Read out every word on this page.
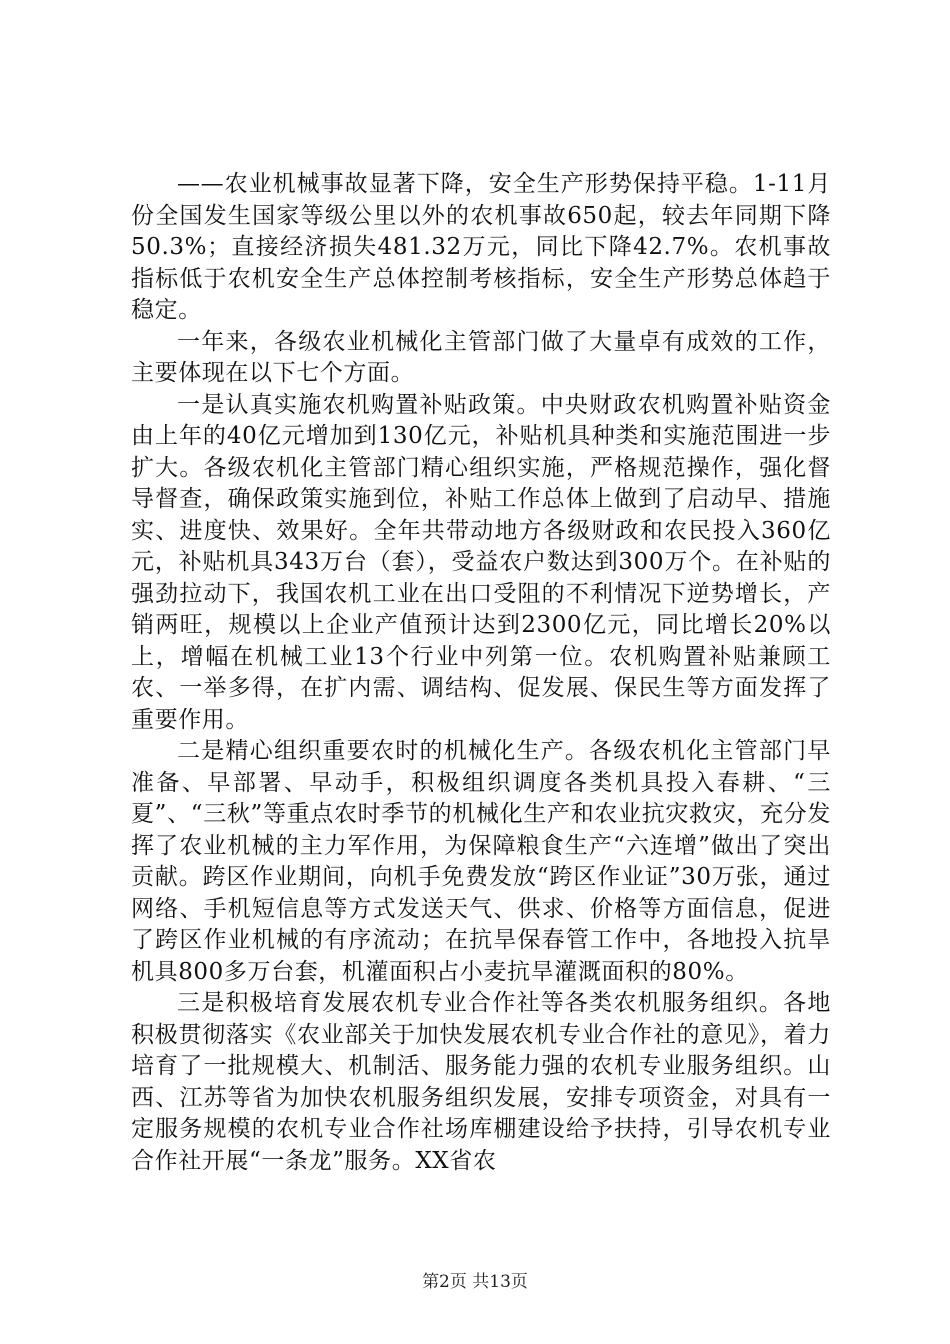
——农业机械事故显著下降，安全生产形势保持平稳。1-11月份全国发生国家等级公里以外的农机事故650起，较去年同期下降50.3%；直接经济损失481.32万元，同比下降42.7%。农机事故指标低于农机安全生产总体控制考核指标，安全生产形势总体趋于稳定。

一年来，各级农业机械化主管部门做了大量卓有成效的工作，主要体现在以下七个方面。

一是认真实施农机购置补贴政策。中央财政农机购置补贴资金由上年的40亿元增加到130亿元，补贴机具种类和实施范围进一步扩大。各级农机化主管部门精心组织实施，严格规范操作，强化督导督查，确保政策实施到位，补贴工作总体上做到了启动早、措施实、进度快、效果好。全年共带动地方各级财政和农民投入360亿元，补贴机具343万台（套），受益农户数达到300万个。在补贴的强劲拉动下，我国农机工业在出口受阻的不利情况下逆势增长，产销两旺，规模以上企业产值预计达到2300亿元，同比增长20%以上，增幅在机械工业13个行业中列第一位。农机购置补贴兼顾工农、一举多得，在扩内需、调结构、促发展、保民生等方面发挥了重要作用。

二是精心组织重要农时的机械化生产。各级农机化主管部门早准备、早部署、早动手，积极组织调度各类机具投入春耕、“三夏”、“三秋”等重点农时季节的机械化生产和农业抗灾救灾，充分发挥了农业机械的主力军作用，为保障粮食生产“六连增”做出了突出贡献。跨区作业期间，向机手免费发放“跨区作业证”30万张，通过网络、手机短信息等方式发送天气、供求、价格等方面信息，促进了跨区作业机械的有序流动；在抗旱保春管工作中，各地投入抗旱机具800多万台套，机灌面积占小麦抗旱灌溉面积的80%。

三是积极培育发展农机专业合作社等各类农机服务组织。各地积极贯彻落实《农业部关于加快发展农机专业合作社的意见》，着力培育了一批规模大、机制活、服务能力强的农机专业服务组织。山西、江苏等省为加快农机服务组织发展，安排专项资金，对具有一定服务规模的农机专业合作社场库棚建设给予扶持，引导农机专业合作社开展“一条龙”服务。XX省农

第2页 共13页
